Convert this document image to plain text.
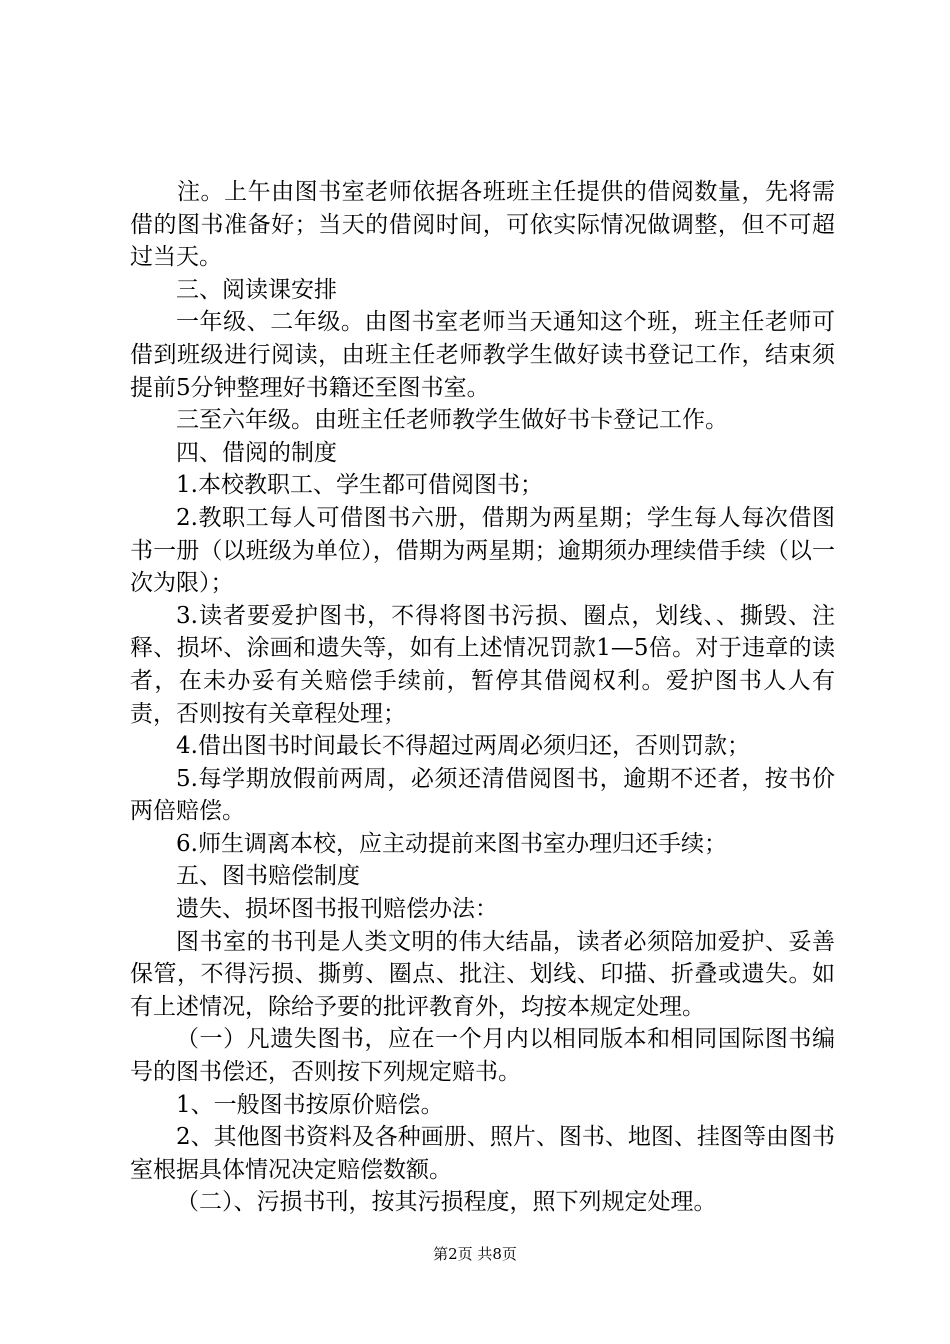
　　注。上午由图书室老师依据各班班主任提供的借阅数量，先将需借的图书准备好；当天的借阅时间，可依实际情况做调整，但不可超过当天。

三、阅读课安排

一年级、二年级。由图书室老师当天通知这个班，班主任老师可借到班级进行阅读，由班主任老师教学生做好读书登记工作，结束须提前5分钟整理好书籍还至图书室。

三至六年级。由班主任老师教学生做好书卡登记工作。

四、借阅的制度

1.本校教职工、学生都可借阅图书；

2.教职工每人可借图书六册，借期为两星期；学生每人每次借图书一册（以班级为单位），借期为两星期；逾期须办理续借手续（以一次为限）；

3.读者要爱护图书，不得将图书污损、圈点，划线、、撕毁、注释、损坏、涂画和遗失等，如有上述情况罚款1—5倍。对于违章的读者，在未办妥有关赔偿手续前，暂停其借阅权利。爱护图书人人有责，否则按有关章程处理；

4.借出图书时间最长不得超过两周必须归还，否则罚款；

5.每学期放假前两周，必须还清借阅图书，逾期不还者，按书价两倍赔偿。

6.师生调离本校，应主动提前来图书室办理归还手续；

五、图书赔偿制度

遗失、损坏图书报刊赔偿办法：

图书室的书刊是人类文明的伟大结晶，读者必须陪加爱护、妥善保管，不得污损、撕剪、圈点、批注、划线、印描、折叠或遗失。如有上述情况，除给予要的批评教育外，均按本规定处理。

（一）凡遗失图书，应在一个月内以相同版本和相同国际图书编号的图书偿还，否则按下列规定赔书。

1、一般图书按原价赔偿。

2、其他图书资料及各种画册、照片、图书、地图、挂图等由图书室根据具体情况决定赔偿数额。

（二）、污损书刊，按其污损程度，照下列规定处理。

第2页 共8页
